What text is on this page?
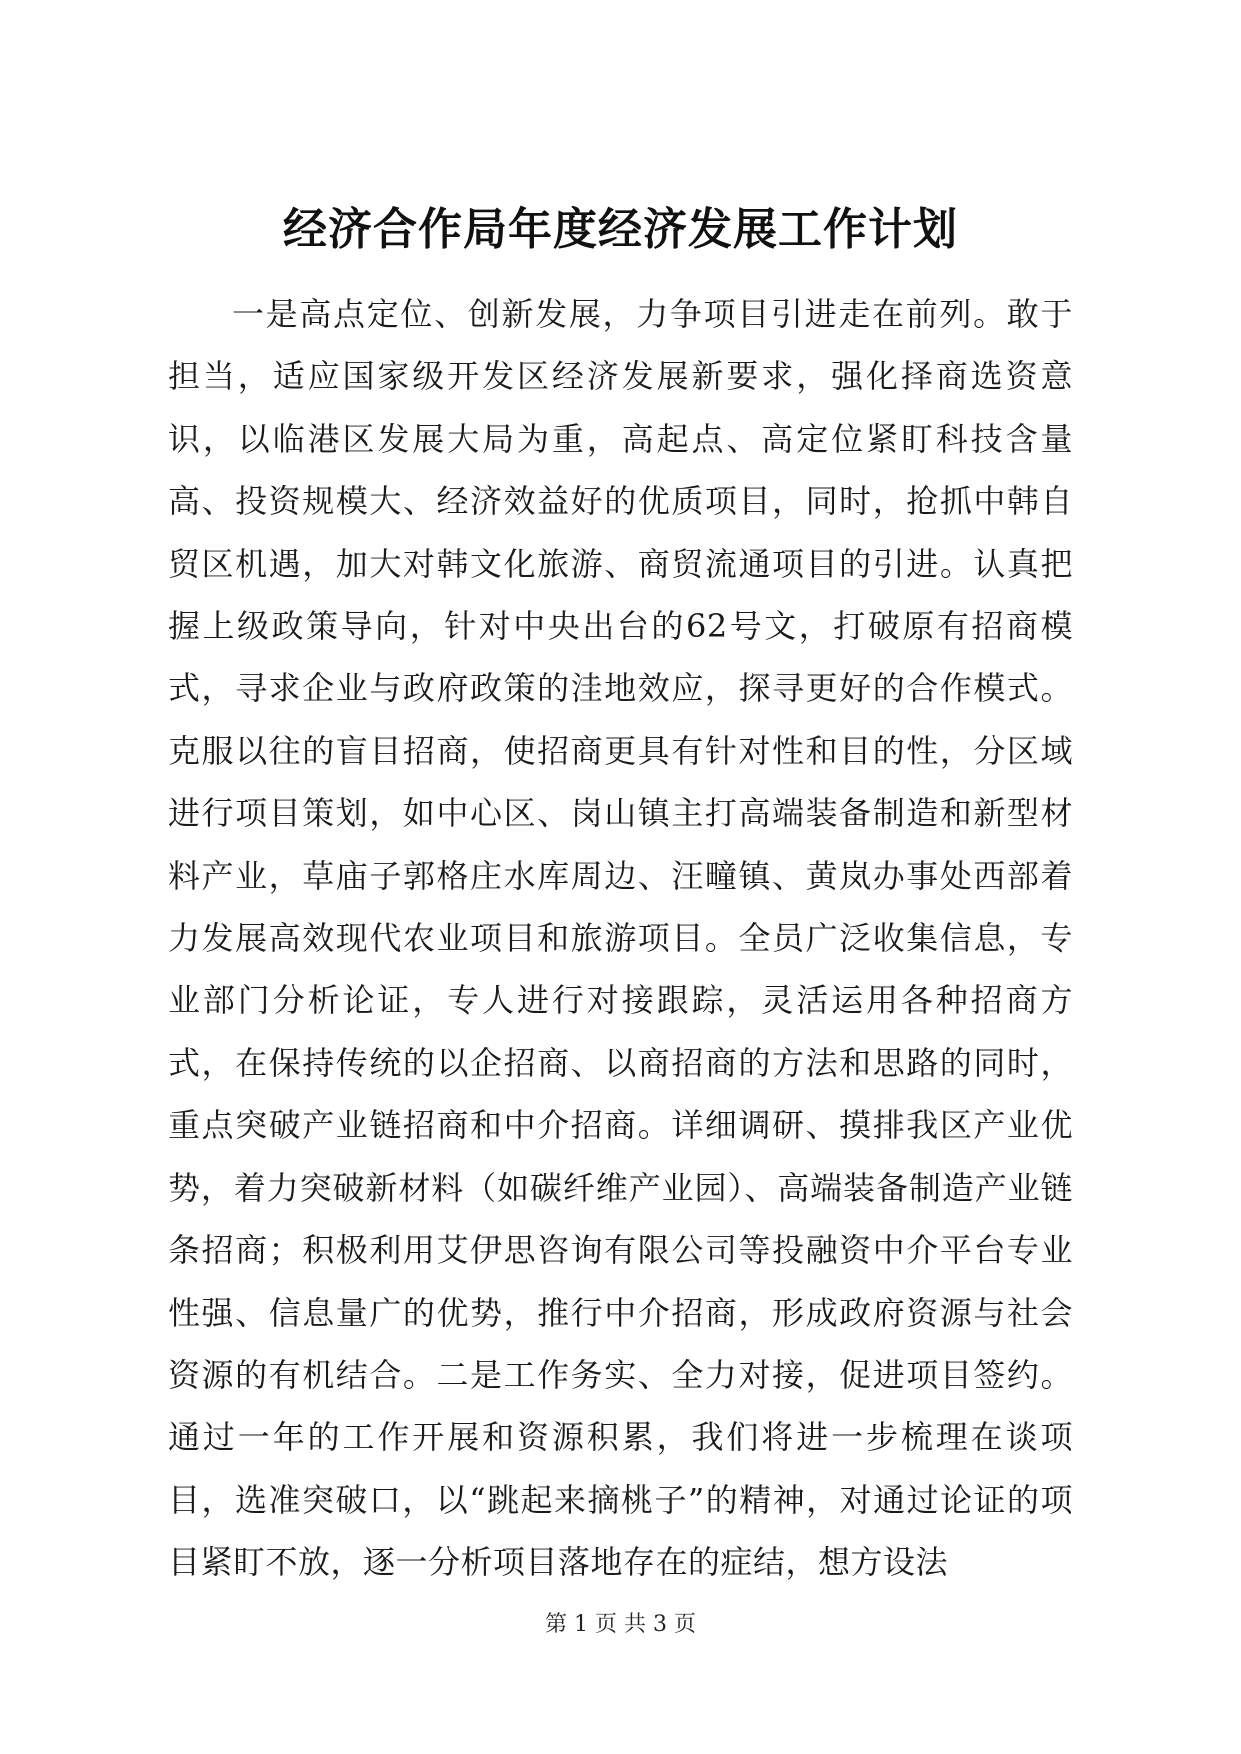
经济合作局年度经济发展工作计划

一是高点定位、创新发展，力争项目引进走在前列。敢于担当，适应国家级开发区经济发展新要求，强化择商选资意识，以临港区发展大局为重，高起点、高定位紧盯科技含量高、投资规模大、经济效益好的优质项目，同时，抢抓中韩自贸区机遇，加大对韩文化旅游、商贸流通项目的引进。认真把握上级政策导向，针对中央出台的62号文，打破原有招商模式，寻求企业与政府政策的洼地效应，探寻更好的合作模式。克服以往的盲目招商，使招商更具有针对性和目的性，分区域进行项目策划，如中心区、岗山镇主打高端装备制造和新型材料产业，草庙子郭格庄水库周边、汪疃镇、黄岚办事处西部着力发展高效现代农业项目和旅游项目。全员广泛收集信息，专业部门分析论证，专人进行对接跟踪，灵活运用各种招商方式，在保持传统的以企招商、以商招商的方法和思路的同时，重点突破产业链招商和中介招商。详细调研、摸排我区产业优势，着力突破新材料（如碳纤维产业园）、高端装备制造产业链条招商；积极利用艾伊思咨询有限公司等投融资中介平台专业性强、信息量广的优势，推行中介招商，形成政府资源与社会资源的有机结合。二是工作务实、全力对接，促进项目签约。通过一年的工作开展和资源积累，我们将进一步梳理在谈项目，选准突破口，以“跳起来摘桃子”的精神，对通过论证的项目紧盯不放，逐一分析项目落地存在的症结，想方设法

第 1 页 共 3 页
